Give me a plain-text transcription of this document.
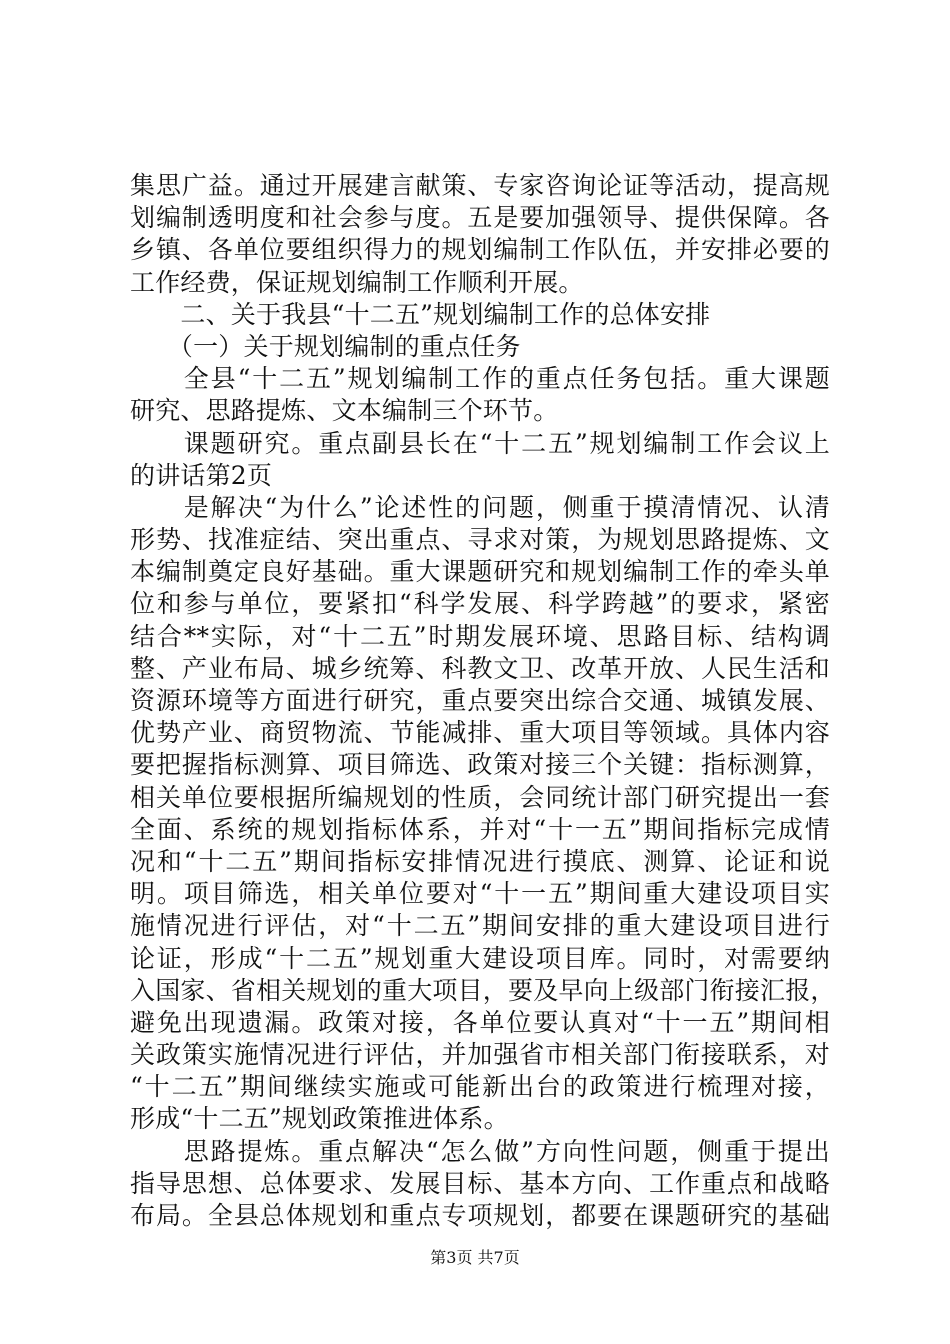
集思广益。通过开展建言献策、专家咨询论证等活动，提高规
划编制透明度和社会参与度。五是要加强领导、提供保障。各
乡镇、各单位要组织得力的规划编制工作队伍，并安排必要的
工作经费，保证规划编制工作顺利开展。
　　二、关于我县“十二五”规划编制工作的总体安排
　　（一）关于规划编制的重点任务
　　全县“十二五”规划编制工作的重点任务包括。重大课题
研究、思路提炼、文本编制三个环节。
　　课题研究。重点副县长在“十二五”规划编制工作会议上
的讲话第2页
　　是解决“为什么”论述性的问题，侧重于摸清情况、认清
形势、找准症结、突出重点、寻求对策，为规划思路提炼、文
本编制奠定良好基础。重大课题研究和规划编制工作的牵头单
位和参与单位，要紧扣“科学发展、科学跨越”的要求，紧密
结合**实际，对“十二五”时期发展环境、思路目标、结构调
整、产业布局、城乡统筹、科教文卫、改革开放、人民生活和
资源环境等方面进行研究，重点要突出综合交通、城镇发展、
优势产业、商贸物流、节能减排、重大项目等领域。具体内容
要把握指标测算、项目筛选、政策对接三个关键：指标测算，
相关单位要根据所编规划的性质，会同统计部门研究提出一套
全面、系统的规划指标体系，并对“十一五”期间指标完成情
况和“十二五”期间指标安排情况进行摸底、测算、论证和说
明。项目筛选，相关单位要对“十一五”期间重大建设项目实
施情况进行评估，对“十二五”期间安排的重大建设项目进行
论证，形成“十二五”规划重大建设项目库。同时，对需要纳
入国家、省相关规划的重大项目，要及早向上级部门衔接汇报，
避免出现遗漏。政策对接，各单位要认真对“十一五”期间相
关政策实施情况进行评估，并加强省市相关部门衔接联系，对
“十二五”期间继续实施或可能新出台的政策进行梳理对接，
形成“十二五”规划政策推进体系。
　　思路提炼。重点解决“怎么做”方向性问题，侧重于提出
指导思想、总体要求、发展目标、基本方向、工作重点和战略
布局。全县总体规划和重点专项规划，都要在课题研究的基础
第3页 共7页
